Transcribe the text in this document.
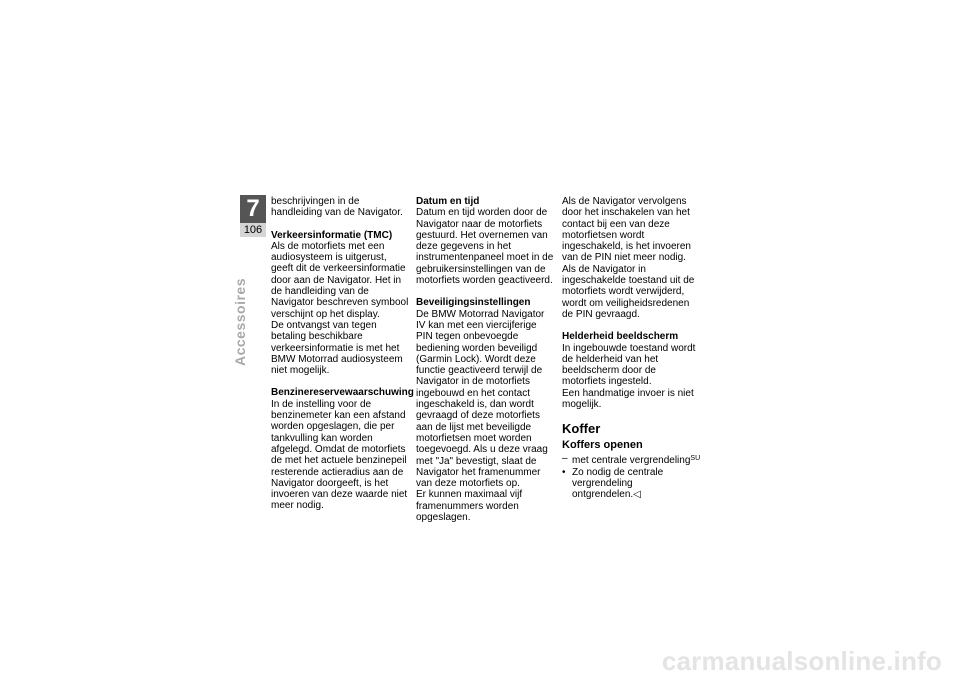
7
106
Accessoires

beschrijvingen in de handleiding van de Navigator.

Verkeersinformatie (TMC)

Als de motorfiets met een audiosysteem is uitgerust, geeft dit de verkeersinformatie door aan de Navigator. Het in de handleiding van de Navigator beschreven symbool verschijnt op het display.

De ontvangst van tegen betaling beschikbare verkeersinformatie is met het BMW Motorrad audiosysteem niet mogelijk.

Benzinereservewaarschuwing

In de instelling voor de benzinemeter kan een afstand worden opgeslagen, die per tankvulling kan worden afgelegd. Omdat de motorfiets de met het actuele benzinepeil resterende actieradius aan de Navigator doorgeeft, is het invoeren van deze waarde niet meer nodig.

Datum en tijd

Datum en tijd worden door de Navigator naar de motorfiets gestuurd. Het overnemen van deze gegevens in het instrumentenpaneel moet in de gebruikersinstellingen van de motorfiets worden geactiveerd.

Beveiligingsinstellingen

De BMW Motorrad Navigator IV kan met een viercijferige PIN tegen onbevoegde bediening worden beveiligd (Garmin Lock). Wordt deze functie geactiveerd terwijl de Navigator in de motorfiets ingebouwd en het contact ingeschakeld is, dan wordt gevraagd of deze motorfiets aan de lijst met beveiligde motorfietsen moet worden toegevoegd. Als u deze vraag met "Ja" bevestigt, slaat de Navigator het framenummer van deze motorfiets op.

Er kunnen maximaal vijf framenummers worden opgeslagen.

Als de Navigator vervolgens door het inschakelen van het contact bij een van deze motorfietsen wordt ingeschakeld, is het invoeren van de PIN niet meer nodig. Als de Navigator in ingeschakelde toestand uit de motorfiets wordt verwijderd, wordt om veiligheidsredenen de PIN gevraagd.

Helderheid beeldscherm

In ingebouwde toestand wordt de helderheid van het beeldscherm door de motorfiets ingesteld.

Een handmatige invoer is niet mogelijk.

Koffer
Koffers openen
– met centrale vergrendeling$^{SU}$
• Zo nodig de centrale vergrendeling ontgrendelen.◁
carmanualsonline.info
